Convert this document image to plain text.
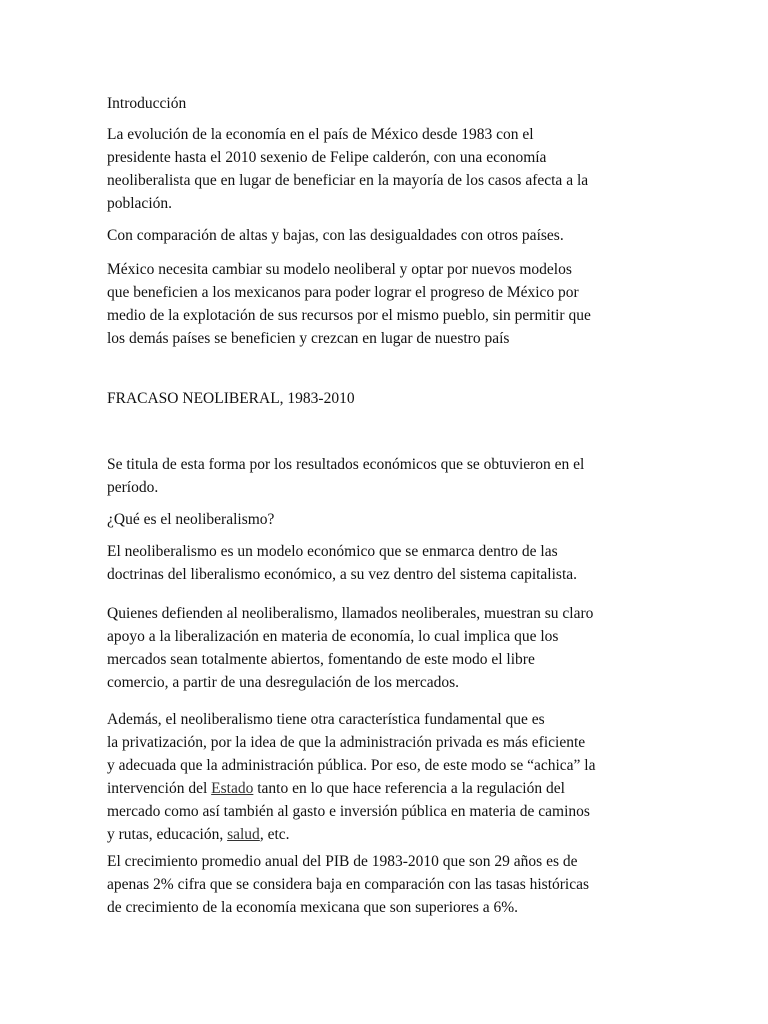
Introducción

La evolución de la economía en el país de México desde 1983 con el
presidente hasta el 2010 sexenio de Felipe calderón, con una economía
neoliberalista que en lugar de beneficiar en la mayoría de los casos afecta a la
población.

Con comparación de altas y bajas, con las desigualdades con otros países.

México necesita cambiar su modelo neoliberal y optar por nuevos modelos
que beneficien a los mexicanos para poder lograr el progreso de México por
medio de la explotación de sus recursos por el mismo pueblo, sin permitir que
los demás países se beneficien y crezcan en lugar de nuestro país

FRACASO NEOLIBERAL, 1983-2010

Se titula de esta forma por los resultados económicos que se obtuvieron en el
período.

¿Qué es el neoliberalismo?

El neoliberalismo es un modelo económico que se enmarca dentro de las
doctrinas del liberalismo económico, a su vez dentro del sistema capitalista.

Quienes defienden al neoliberalismo, llamados neoliberales, muestran su claro
apoyo a la liberalización en materia de economía, lo cual implica que los
mercados sean totalmente abiertos, fomentando de este modo el libre
comercio, a partir de una desregulación de los mercados.

Además, el neoliberalismo tiene otra característica fundamental que es
la privatización, por la idea de que la administración privada es más eficiente
y adecuada que la administración pública. Por eso, de este modo se “achica” la
intervención del Estado tanto en lo que hace referencia a la regulación del
mercado como así también al gasto e inversión pública en materia de caminos
y rutas, educación, salud, etc.

El crecimiento promedio anual del PIB de 1983-2010 que son 29 años es de
apenas 2% cifra que se considera baja en comparación con las tasas históricas
de crecimiento de la economía mexicana que son superiores a 6%.
